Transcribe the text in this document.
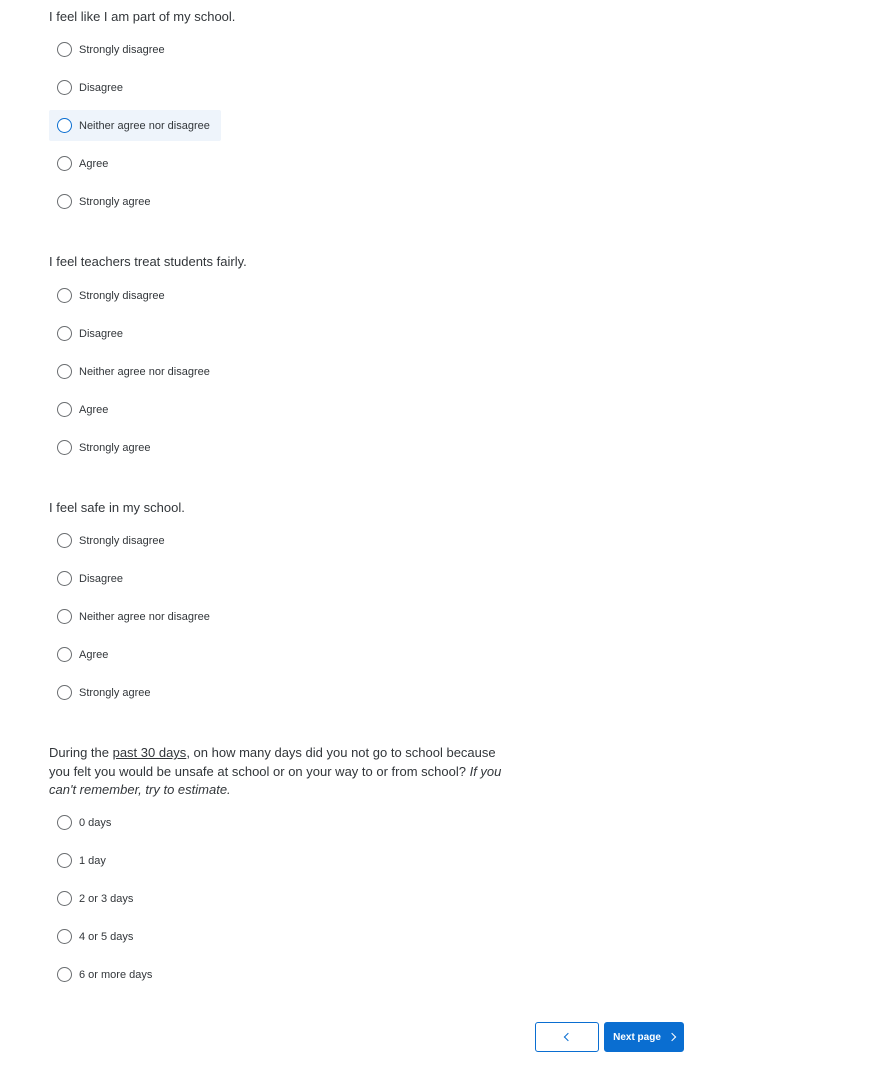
I feel like I am part of my school.

Strongly disagree
Disagree
Neither agree nor disagree
Agree
Strongly agree

I feel teachers treat students fairly.

Strongly disagree
Disagree
Neither agree nor disagree
Agree
Strongly agree

I feel safe in my school.

Strongly disagree
Disagree
Neither agree nor disagree
Agree
Strongly agree

During the past 30 days, on how many days did you not go to school because you felt you would be unsafe at school or on your way to or from school? If you can't remember, try to estimate.

0 days
1 day
2 or 3 days
4 or 5 days
6 or more days
Next page
